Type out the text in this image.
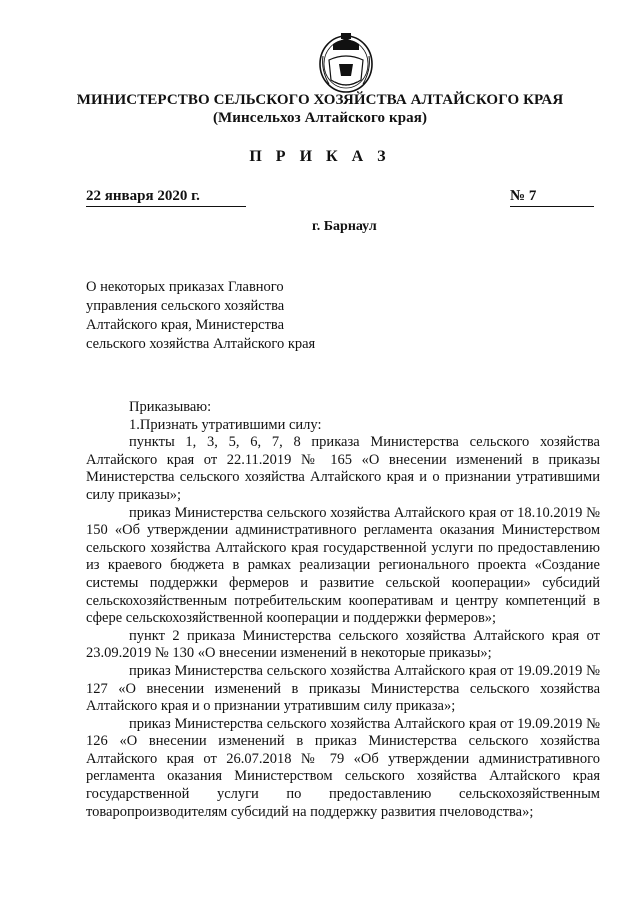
МИНИСТЕРСТВО СЕЛЬСКОГО ХОЗЯЙСТВА АЛТАЙСКОГО КРАЯ
(Минсельхоз Алтайского края)
П Р И К А З
22 января 2020 г.	№ 7
г. Барнаул
О некоторых приказах Главного управления сельского хозяйства Алтайского края, Министерства сельского хозяйства Алтайского края

Приказываю:

1.Признать утратившими силу:

пункты 1, 3, 5, 6, 7, 8 приказа Министерства сельского хозяйства Алтайского края от 22.11.2019 № 165 «О внесении изменений в приказы Министерства сельского хозяйства Алтайского края и о признании утратившими силу приказы»;

приказ Министерства сельского хозяйства Алтайского края от 18.10.2019 № 150 «Об утверждении административного регламента оказания Министерством сельского хозяйства Алтайского края государственной услуги по предоставлению из краевого бюджета в рамках реализации регионального проекта «Создание системы поддержки фермеров и развитие сельской кооперации» субсидий сельскохозяйственным потребительским кооперативам и центру компетенций в сфере сельскохозяйственной кооперации и поддержки фермеров»;

пункт 2 приказа Министерства сельского хозяйства Алтайского края от 23.09.2019 № 130 «О внесении изменений в некоторые приказы»;

приказ Министерства сельского хозяйства Алтайского края от 19.09.2019 № 127 «О внесении изменений в приказы Министерства сельского хозяйства Алтайского края и о признании утратившим силу приказа»;

приказ Министерства сельского хозяйства Алтайского края от 19.09.2019 № 126 «О внесении изменений в приказ Министерства сельского хозяйства Алтайского края от 26.07.2018 № 79 «Об утверждении административного регламента оказания Министерством сельского хозяйства Алтайского края государственной услуги по предоставлению сельскохозяйственным товаропроизводителям субсидий на поддержку развития пчеловодства»;
